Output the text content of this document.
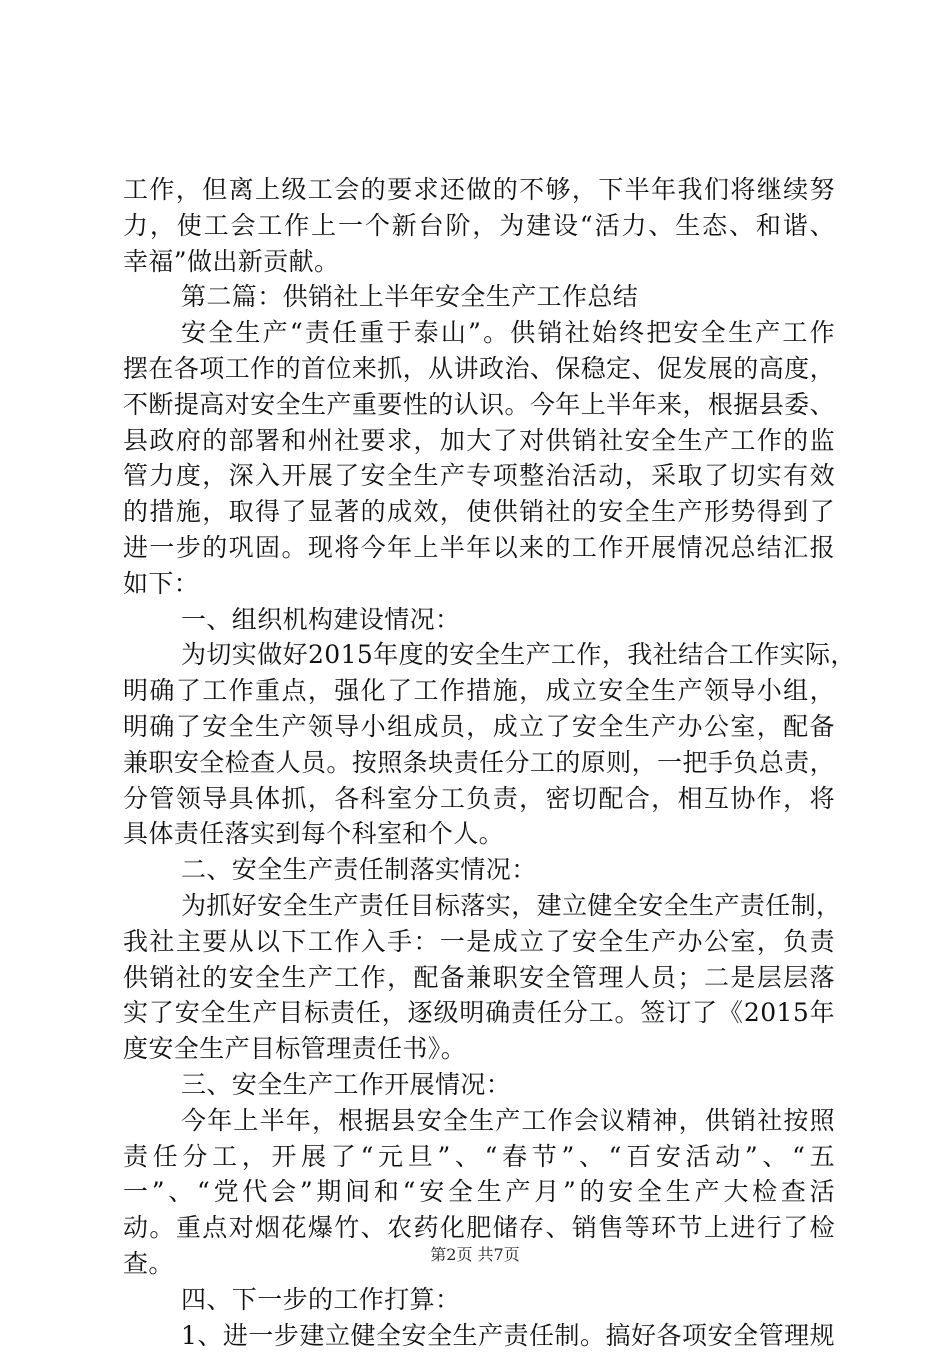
工作，但离上级工会的要求还做的不够，下半年我们将继续努
力，使工会工作上一个新台阶，为建设“活力、生态、和谐、
幸福”做出新贡献。
第二篇：供销社上半年安全生产工作总结
安全生产“责任重于泰山”。供销社始终把安全生产工作
摆在各项工作的首位来抓，从讲政治、保稳定、促发展的高度，
不断提高对安全生产重要性的认识。今年上半年来，根据县委、
县政府的部署和州社要求，加大了对供销社安全生产工作的监
管力度，深入开展了安全生产专项整治活动，采取了切实有效
的措施，取得了显著的成效，使供销社的安全生产形势得到了
进一步的巩固。现将今年上半年以来的工作开展情况总结汇报
如下：
一、组织机构建设情况：
为切实做好2015年度的安全生产工作，我社结合工作实际，
明确了工作重点，强化了工作措施，成立安全生产领导小组，
明确了安全生产领导小组成员，成立了安全生产办公室，配备
兼职安全检查人员。按照条块责任分工的原则，一把手负总责，
分管领导具体抓，各科室分工负责，密切配合，相互协作，将
具体责任落实到每个科室和个人。
二、安全生产责任制落实情况：
为抓好安全生产责任目标落实，建立健全安全生产责任制，
我社主要从以下工作入手：一是成立了安全生产办公室，负责
供销社的安全生产工作，配备兼职安全管理人员；二是层层落
实了安全生产目标责任，逐级明确责任分工。签订了《2015年
度安全生产目标管理责任书》。
三、安全生产工作开展情况：
今年上半年，根据县安全生产工作会议精神，供销社按照
责任分工，开展了“元旦”、“春节”、“百安活动”、“五
一”、“党代会”期间和“安全生产月”的安全生产大检查活
动。重点对烟花爆竹、农药化肥储存、销售等环节上进行了检
查。
四、下一步的工作打算：
1、进一步建立健全安全生产责任制。搞好各项安全管理规
第2页 共7页
